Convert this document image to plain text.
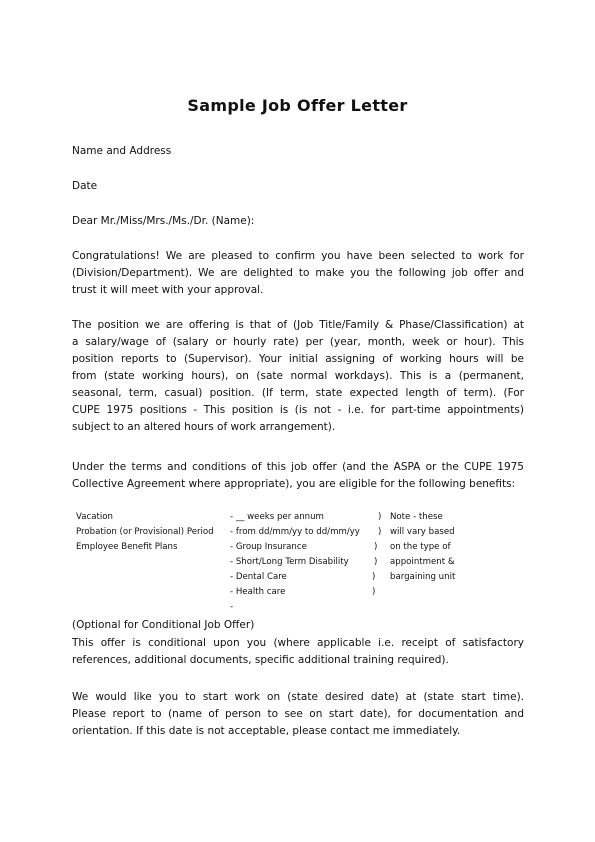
Sample Job Offer Letter
Name and Address
Date
Dear Mr./Miss/Mrs./Ms./Dr. (Name):
Congratulations! We are pleased to confirm you have been selected to work for
(Division/Department). We are delighted to make you the following job offer and
trust it will meet with your approval.
The position we are offering is that of (Job Title/Family & Phase/Classification) at
a salary/wage of (salary or hourly rate) per (year, month, week or hour). This
position reports to (Supervisor). Your initial assigning of working hours will be
from (state working hours), on (sate normal workdays). This is a (permanent,
seasonal, term, casual) position. (If term, state expected length of term). (For
CUPE 1975 positions - This position is (is not - i.e. for part-time appointments)
subject to an altered hours of work arrangement).
Under the terms and conditions of this job offer (and the ASPA or the CUPE 1975
Collective Agreement where appropriate), you are eligible for the following benefits:
Vacation
Probation (or Provisional) Period
Employee Benefit Plans
- __ weeks per annum
- from dd/mm/yy to dd/mm/yy
- Group Insurance
- Short/Long Term Disability
- Dental Care
- Health care
-
)
)
)
)
)
)
Note - these
will vary based
on the type of
appointment &
bargaining unit
(Optional for Conditional Job Offer)
This offer is conditional upon you (where applicable i.e. receipt of satisfactory
references, additional documents, specific additional training required).
We would like you to start work on (state desired date) at (state start time).
Please report to (name of person to see on start date), for documentation and
orientation. If this date is not acceptable, please contact me immediately.
